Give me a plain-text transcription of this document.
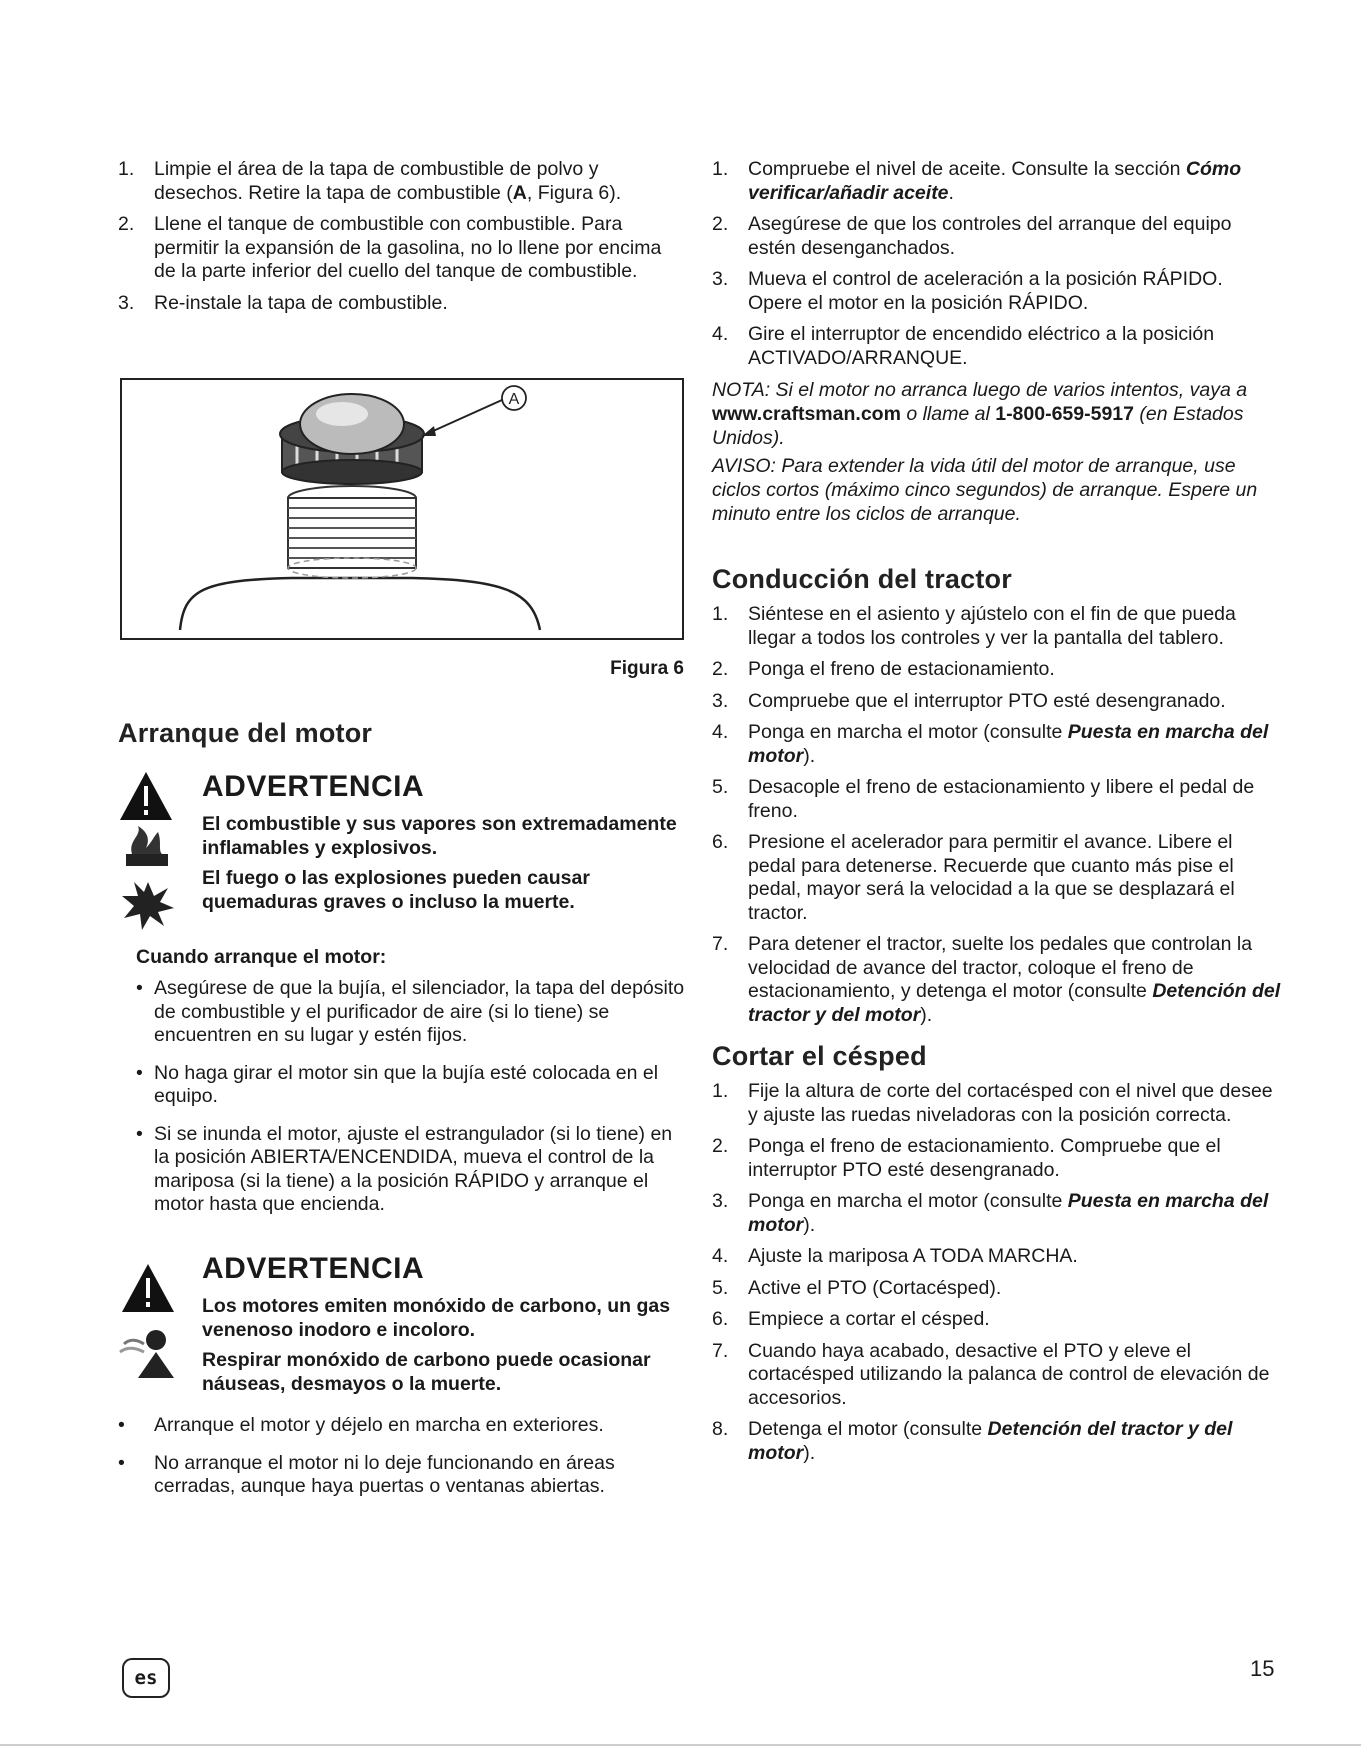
1. Limpie el área de la tapa de combustible de polvo y desechos. Retire la tapa de combustible (A, Figura 6).
2. Llene el tanque de combustible con combustible. Para permitir la expansión de la gasolina, no lo llene por encima de la parte inferior del cuello del tanque de combustible.
3. Re-instale la tapa de combustible.
A
Figura 6
Arranque del motor
ADVERTENCIA

El combustible y sus vapores son extremadamente inflamables y explosivos.

El fuego o las explosiones pueden causar quemaduras graves o incluso la muerte.

Cuando arranque el motor:
• Asegúrese de que la bujía, el silenciador, la tapa del depósito de combustible y el purificador de aire (si lo tiene) se encuentren en su lugar y estén fijos.
• No haga girar el motor sin que la bujía esté colocada en el equipo.
• Si se inunda el motor, ajuste el estrangulador (si lo tiene) en la posición ABIERTA/ENCENDIDA, mueva el control de la mariposa (si la tiene) a la posición RÁPIDO y arranque el motor hasta que encienda.
ADVERTENCIA

Los motores emiten monóxido de carbono, un gas venenoso inodoro e incoloro.

Respirar monóxido de carbono puede ocasionar náuseas, desmayos o la muerte.

• Arranque el motor y déjelo en marcha en exteriores.
• No arranque el motor ni lo deje funcionando en áreas cerradas, aunque haya puertas o ventanas abiertas.
1. Compruebe el nivel de aceite. Consulte la sección Cómo verificar/añadir aceite.
2. Asegúrese de que los controles del arranque del equipo estén desenganchados.
3. Mueva el control de aceleración a la posición RÁPIDO. Opere el motor en la posición RÁPIDO.
4. Gire el interruptor de encendido eléctrico a la posición ACTIVADO/ARRANQUE.

NOTA: Si el motor no arranca luego de varios intentos, vaya a www.craftsman.com o llame al 1-800-659-5917 (en Estados Unidos).

AVISO: Para extender la vida útil del motor de arranque, use ciclos cortos (máximo cinco segundos) de arranque. Espere un minuto entre los ciclos de arranque.

Conducción del tractor
1. Siéntese en el asiento y ajústelo con el fin de que pueda llegar a todos los controles y ver la pantalla del tablero.
2. Ponga el freno de estacionamiento.
3. Compruebe que el interruptor PTO esté desengranado.
4. Ponga en marcha el motor (consulte Puesta en marcha del motor).
5. Desacople el freno de estacionamiento y libere el pedal de freno.
6. Presione el acelerador para permitir el avance. Libere el pedal para detenerse. Recuerde que cuanto más pise el pedal, mayor será la velocidad a la que se desplazará el tractor.
7. Para detener el tractor, suelte los pedales que controlan la velocidad de avance del tractor, coloque el freno de estacionamiento, y detenga el motor (consulte Detención del tractor y del motor).
Cortar el césped
1. Fije la altura de corte del cortacésped con el nivel que desee y ajuste las ruedas niveladoras con la posición correcta.
2. Ponga el freno de estacionamiento. Compruebe que el interruptor PTO esté desengranado.
3. Ponga en marcha el motor (consulte Puesta en marcha del motor).
4. Ajuste la mariposa A TODA MARCHA.
5. Active el PTO (Cortacésped).
6. Empiece a cortar el césped.
7. Cuando haya acabado, desactive el PTO y eleve el cortacésped utilizando la palanca de control de elevación de accesorios.
8. Detenga el motor (consulte Detención del tractor y del motor).
es	15
